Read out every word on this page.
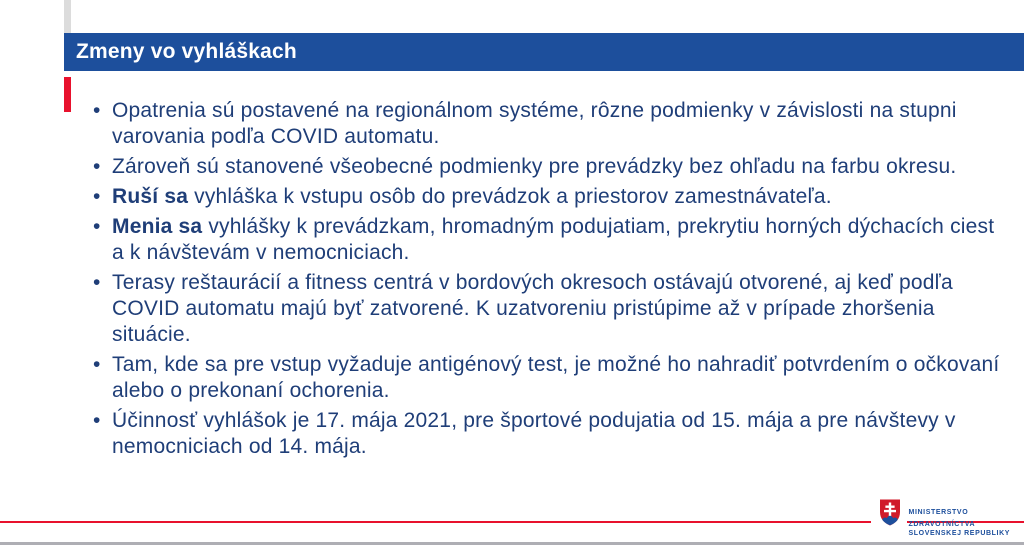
Zmeny vo vyhláškach
• Opatrenia sú postavené na regionálnom systéme, rôzne podmienky v závislosti na stupni varovania podľa COVID automatu.
• Zároveň sú stanovené všeobecné podmienky pre prevádzky bez ohľadu na farbu okresu.
• Ruší sa vyhláška k vstupu osôb do prevádzok a priestorov zamestnávateľa.
• Menia sa vyhlášky k prevádzkam, hromadným podujatiam, prekrytiu horných dýchacích ciest a k návštevám v nemocniciach.
• Terasy reštaurácií a fitness centrá v bordových okresoch ostávajú otvorené, aj keď podľa COVID automatu majú byť zatvorené. K uzatvoreniu pristúpime až v prípade zhoršenia situácie.
• Tam, kde sa pre vstup vyžaduje antigénový test, je možné ho nahradiť potvrdením o očkovaní alebo o prekonaní ochorenia.
• Účinnosť vyhlášok je 17. mája 2021, pre športové podujatia od 15. mája a pre návštevy v nemocniciach od 14. mája.
MINISTERSTVO
ZDRAVOTNÍCTVA
SLOVENSKEJ REPUBLIKY
